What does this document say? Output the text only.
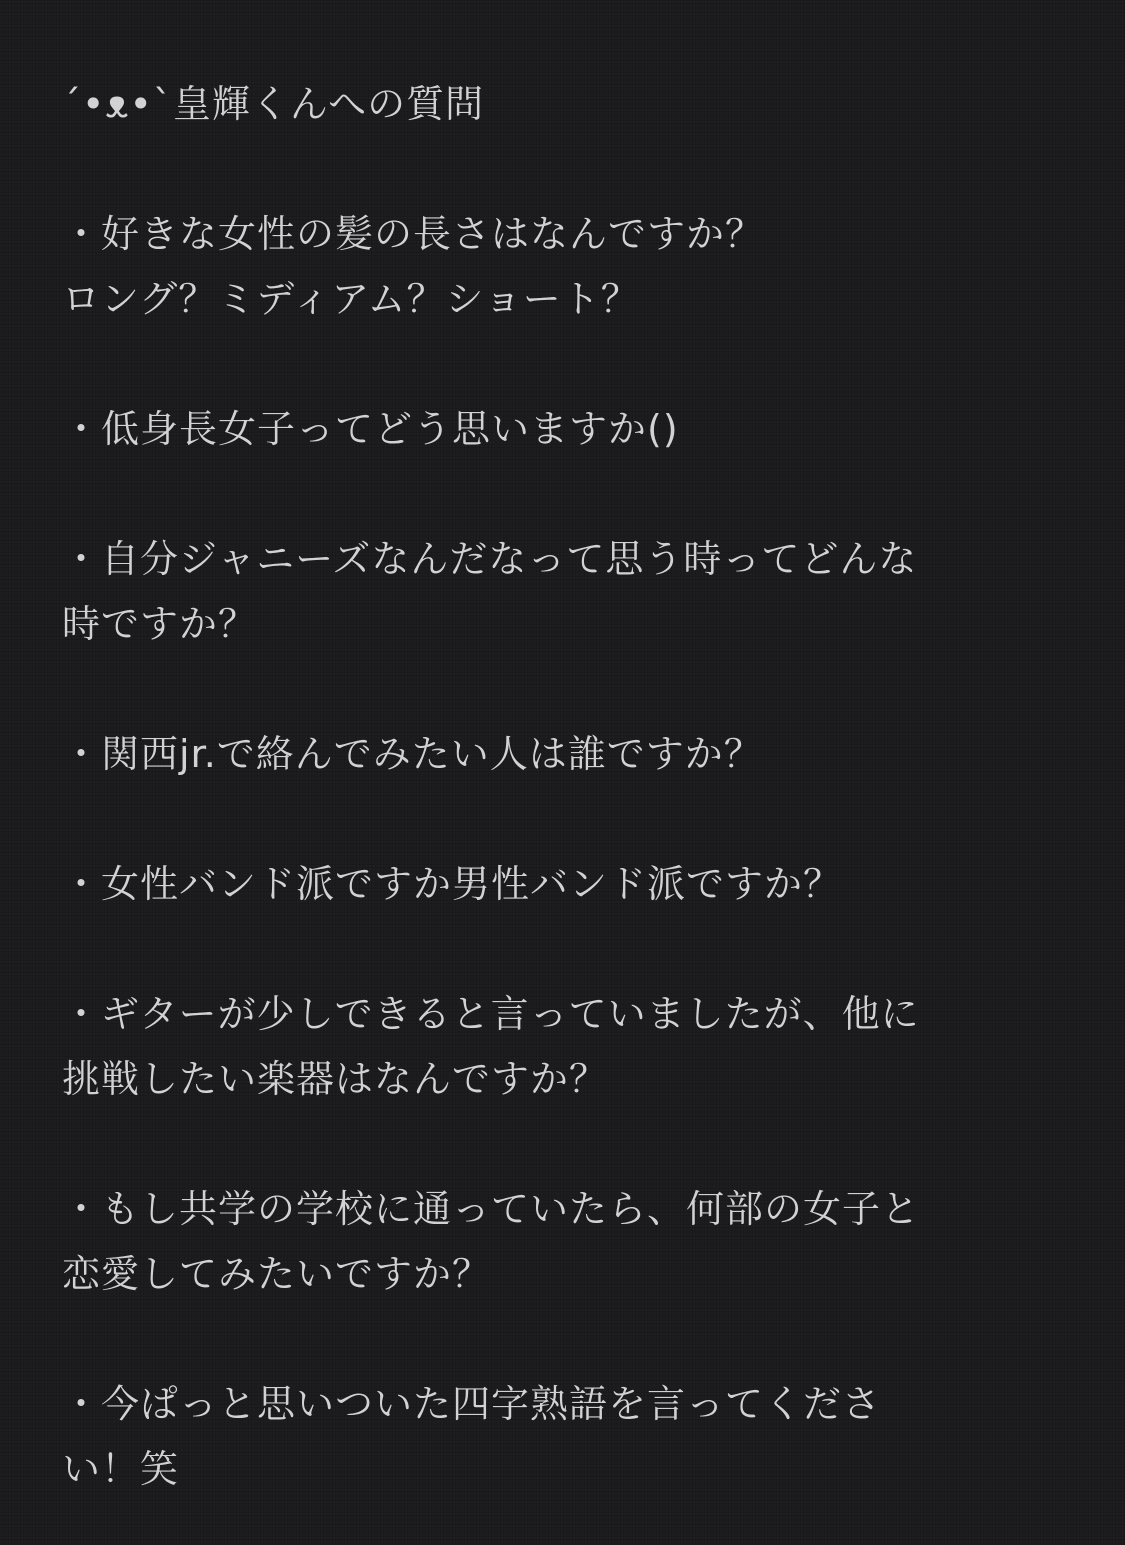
´•ᴥ•`皇輝くんへの質問
・好きな女性の髪の長さはなんですか？
ロング？ミディアム？ショート？
・低身長女子ってどう思いますか()
・自分ジャニーズなんだなって思う時ってどんな
時ですか？
・関西jr.で絡んでみたい人は誰ですか？
・女性バンド派ですか男性バンド派ですか？
・ギターが少しできると言っていましたが、他に
挑戦したい楽器はなんですか？
・もし共学の学校に通っていたら、何部の女子と
恋愛してみたいですか？
・今ぱっと思いついた四字熟語を言ってくださ
い！笑
